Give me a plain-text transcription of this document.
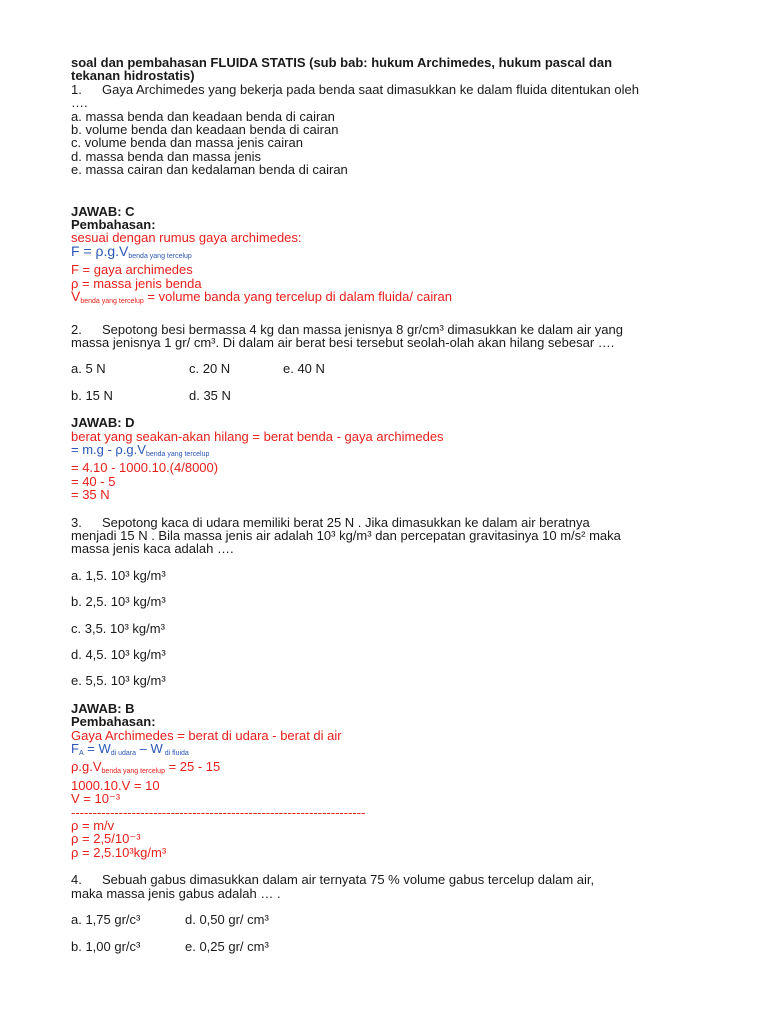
soal dan pembahasan FLUIDA STATIS (sub bab: hukum Archimedes, hukum pascal dan
tekanan hidrostatis)
1. Gaya Archimedes yang bekerja pada benda saat dimasukkan ke dalam fluida ditentukan oleh
….
a. massa benda dan keadaan benda di cairan
b. volume benda dan keadaan benda di cairan
c. volume benda dan massa jenis cairan
d. massa benda dan massa jenis
e. massa cairan dan kedalaman benda di cairan
JAWAB: C
Pembahasan:
sesuai dengan rumus gaya archimedes:
$F = \rho.g.V_{benda yang tercelup}$
F = gaya archimedes
ρ = massa jenis benda
$V_{benda yang tercelup}$ = volume banda yang tercelup di dalam fluida/ cairan
2. Sepotong besi bermassa 4 kg dan massa jenisnya 8 gr/cm³ dimasukkan ke dalam air yang
massa jenisnya 1 gr/ cm³. Di dalam air berat besi tersebut seolah-olah akan hilang sebesar ….
a. 5 N	c. 20 N	e. 40 N
b. 15 N	d. 35 N
JAWAB: D
berat yang seakan-akan hilang = berat benda - gaya archimedes
= $m.g - \rho.g.V_{benda yang tercelup}$
= 4.10 - 1000.10.(4/8000)
= 40 - 5
= 35 N
3. Sepotong kaca di udara memiliki berat 25 N . Jika dimasukkan ke dalam air beratnya
menjadi 15 N . Bila massa jenis air adalah 10³ kg/m³ dan percepatan gravitasinya 10 m/s² maka
massa jenis kaca adalah ….
a. 1,5. 10³ kg/m³
b. 2,5. 10³ kg/m³
c. 3,5. 10³ kg/m³
d. 4,5. 10³ kg/m³
e. 5,5. 10³ kg/m³
JAWAB: B
Pembahasan:
Gaya Archimedes = berat di udara - berat di air
$F_A = W_{di udara} - W$ $_{di fluida}$
$\rho.g.V_{benda yang tercelup} = 25 - 15$
1000.10.V = 10
V = 10⁻³
--------------------------------------------------------------------
ρ = m/v
ρ = 2,5/10⁻³
ρ = 2,5.10³kg/m³
4. Sebuah gabus dimasukkan dalam air ternyata 75 % volume gabus tercelup dalam air,
maka massa jenis gabus adalah … .
a. 1,75 gr/c³	d. 0,50 gr/ cm³
b. 1,00 gr/c³	e. 0,25 gr/ cm³
